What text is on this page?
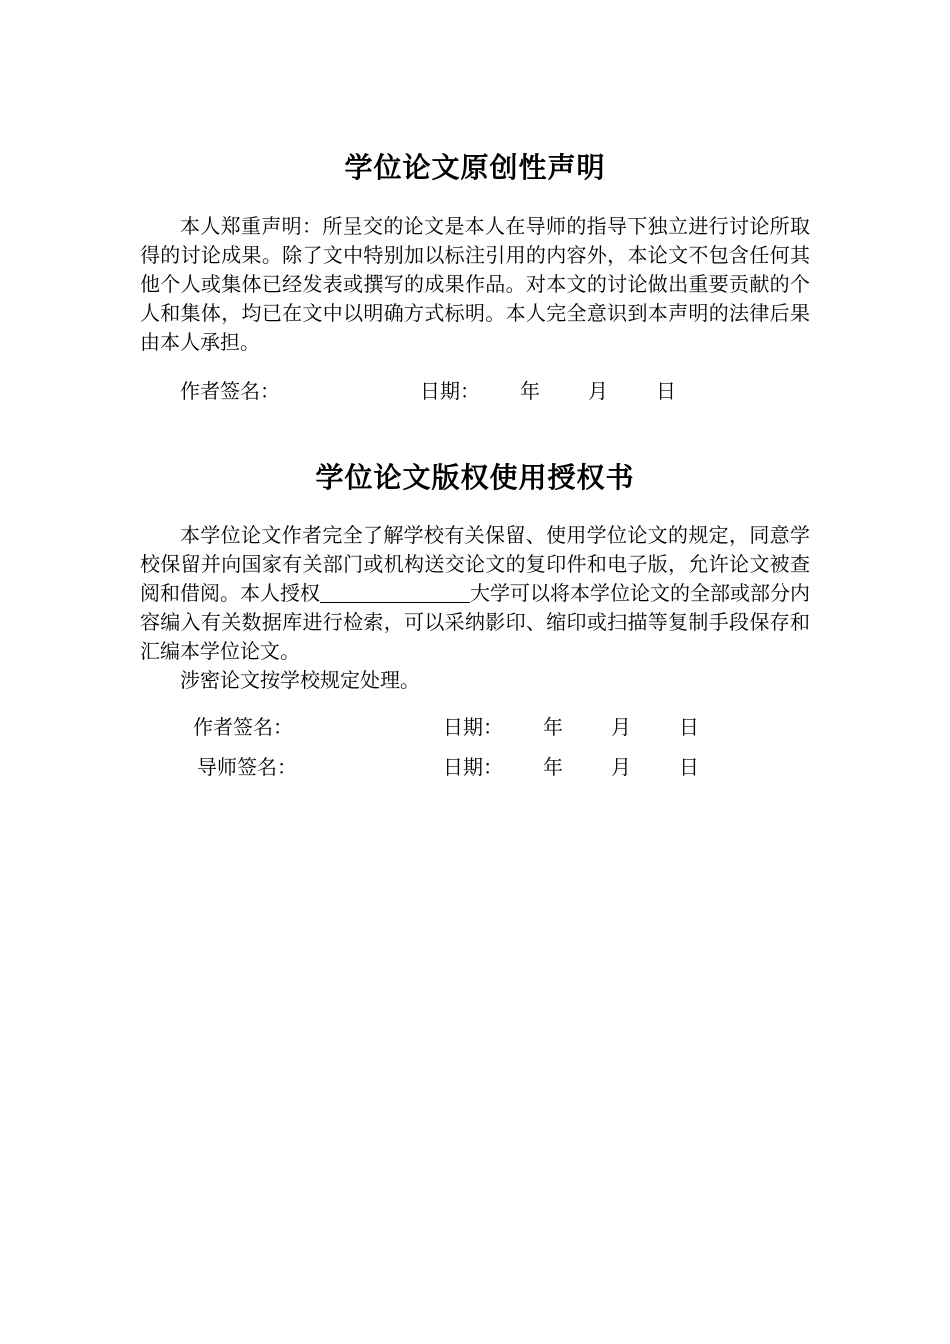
学位论文原创性声明

本人郑重声明：所呈交的论文是本人在导师的指导下独立进行讨论所取得的讨论成果。除了文中特别加以标注引用的内容外，本论文不包含任何其他个人或集体已经发表或撰写的成果作品。对本文的讨论做出重要贡献的个人和集体，均已在文中以明确方式标明。本人完全意识到本声明的法律后果由本人承担。

作者签名：	日期： 年 月 日
学位论文版权使用授权书

本学位论文作者完全了解学校有关保留、使用学位论文的规定，同意学校保留并向国家有关部门或机构送交论文的复印件和电子版，允许论文被查阅和借阅。本人授权	大学可以将本学位论文的全部或部分内容编入有关数据库进行检索，可以采纳影印、缩印或扫描等复制手段保存和汇编本学位论文。

涉密论文按学校规定处理。

作者签名：	日期： 年 月 日
导师签名：	日期： 年 月 日
